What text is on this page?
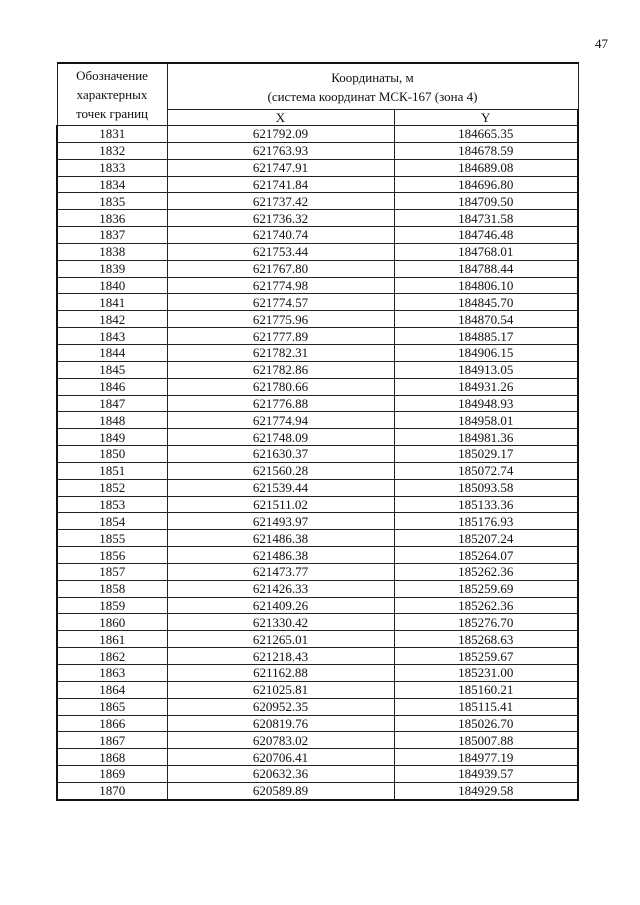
47
Обозначение
характерных
точек границ	Координаты, м
(система координат МСК-167 (зона 4)	

	X	Y
1831	621792.09	184665.35
1832	621763.93	184678.59
1833	621747.91	184689.08
1834	621741.84	184696.80
1835	621737.42	184709.50
1836	621736.32	184731.58
1837	621740.74	184746.48
1838	621753.44	184768.01
1839	621767.80	184788.44
1840	621774.98	184806.10
1841	621774.57	184845.70
1842	621775.96	184870.54
1843	621777.89	184885.17
1844	621782.31	184906.15
1845	621782.86	184913.05
1846	621780.66	184931.26
1847	621776.88	184948.93
1848	621774.94	184958.01
1849	621748.09	184981.36
1850	621630.37	185029.17
1851	621560.28	185072.74
1852	621539.44	185093.58
1853	621511.02	185133.36
1854	621493.97	185176.93
1855	621486.38	185207.24
1856	621486.38	185264.07
1857	621473.77	185262.36
1858	621426.33	185259.69
1859	621409.26	185262.36
1860	621330.42	185276.70
1861	621265.01	185268.63
1862	621218.43	185259.67
1863	621162.88	185231.00
1864	621025.81	185160.21
1865	620952.35	185115.41
1866	620819.76	185026.70
1867	620783.02	185007.88
1868	620706.41	184977.19
1869	620632.36	184939.57
1870	620589.89	184929.58
